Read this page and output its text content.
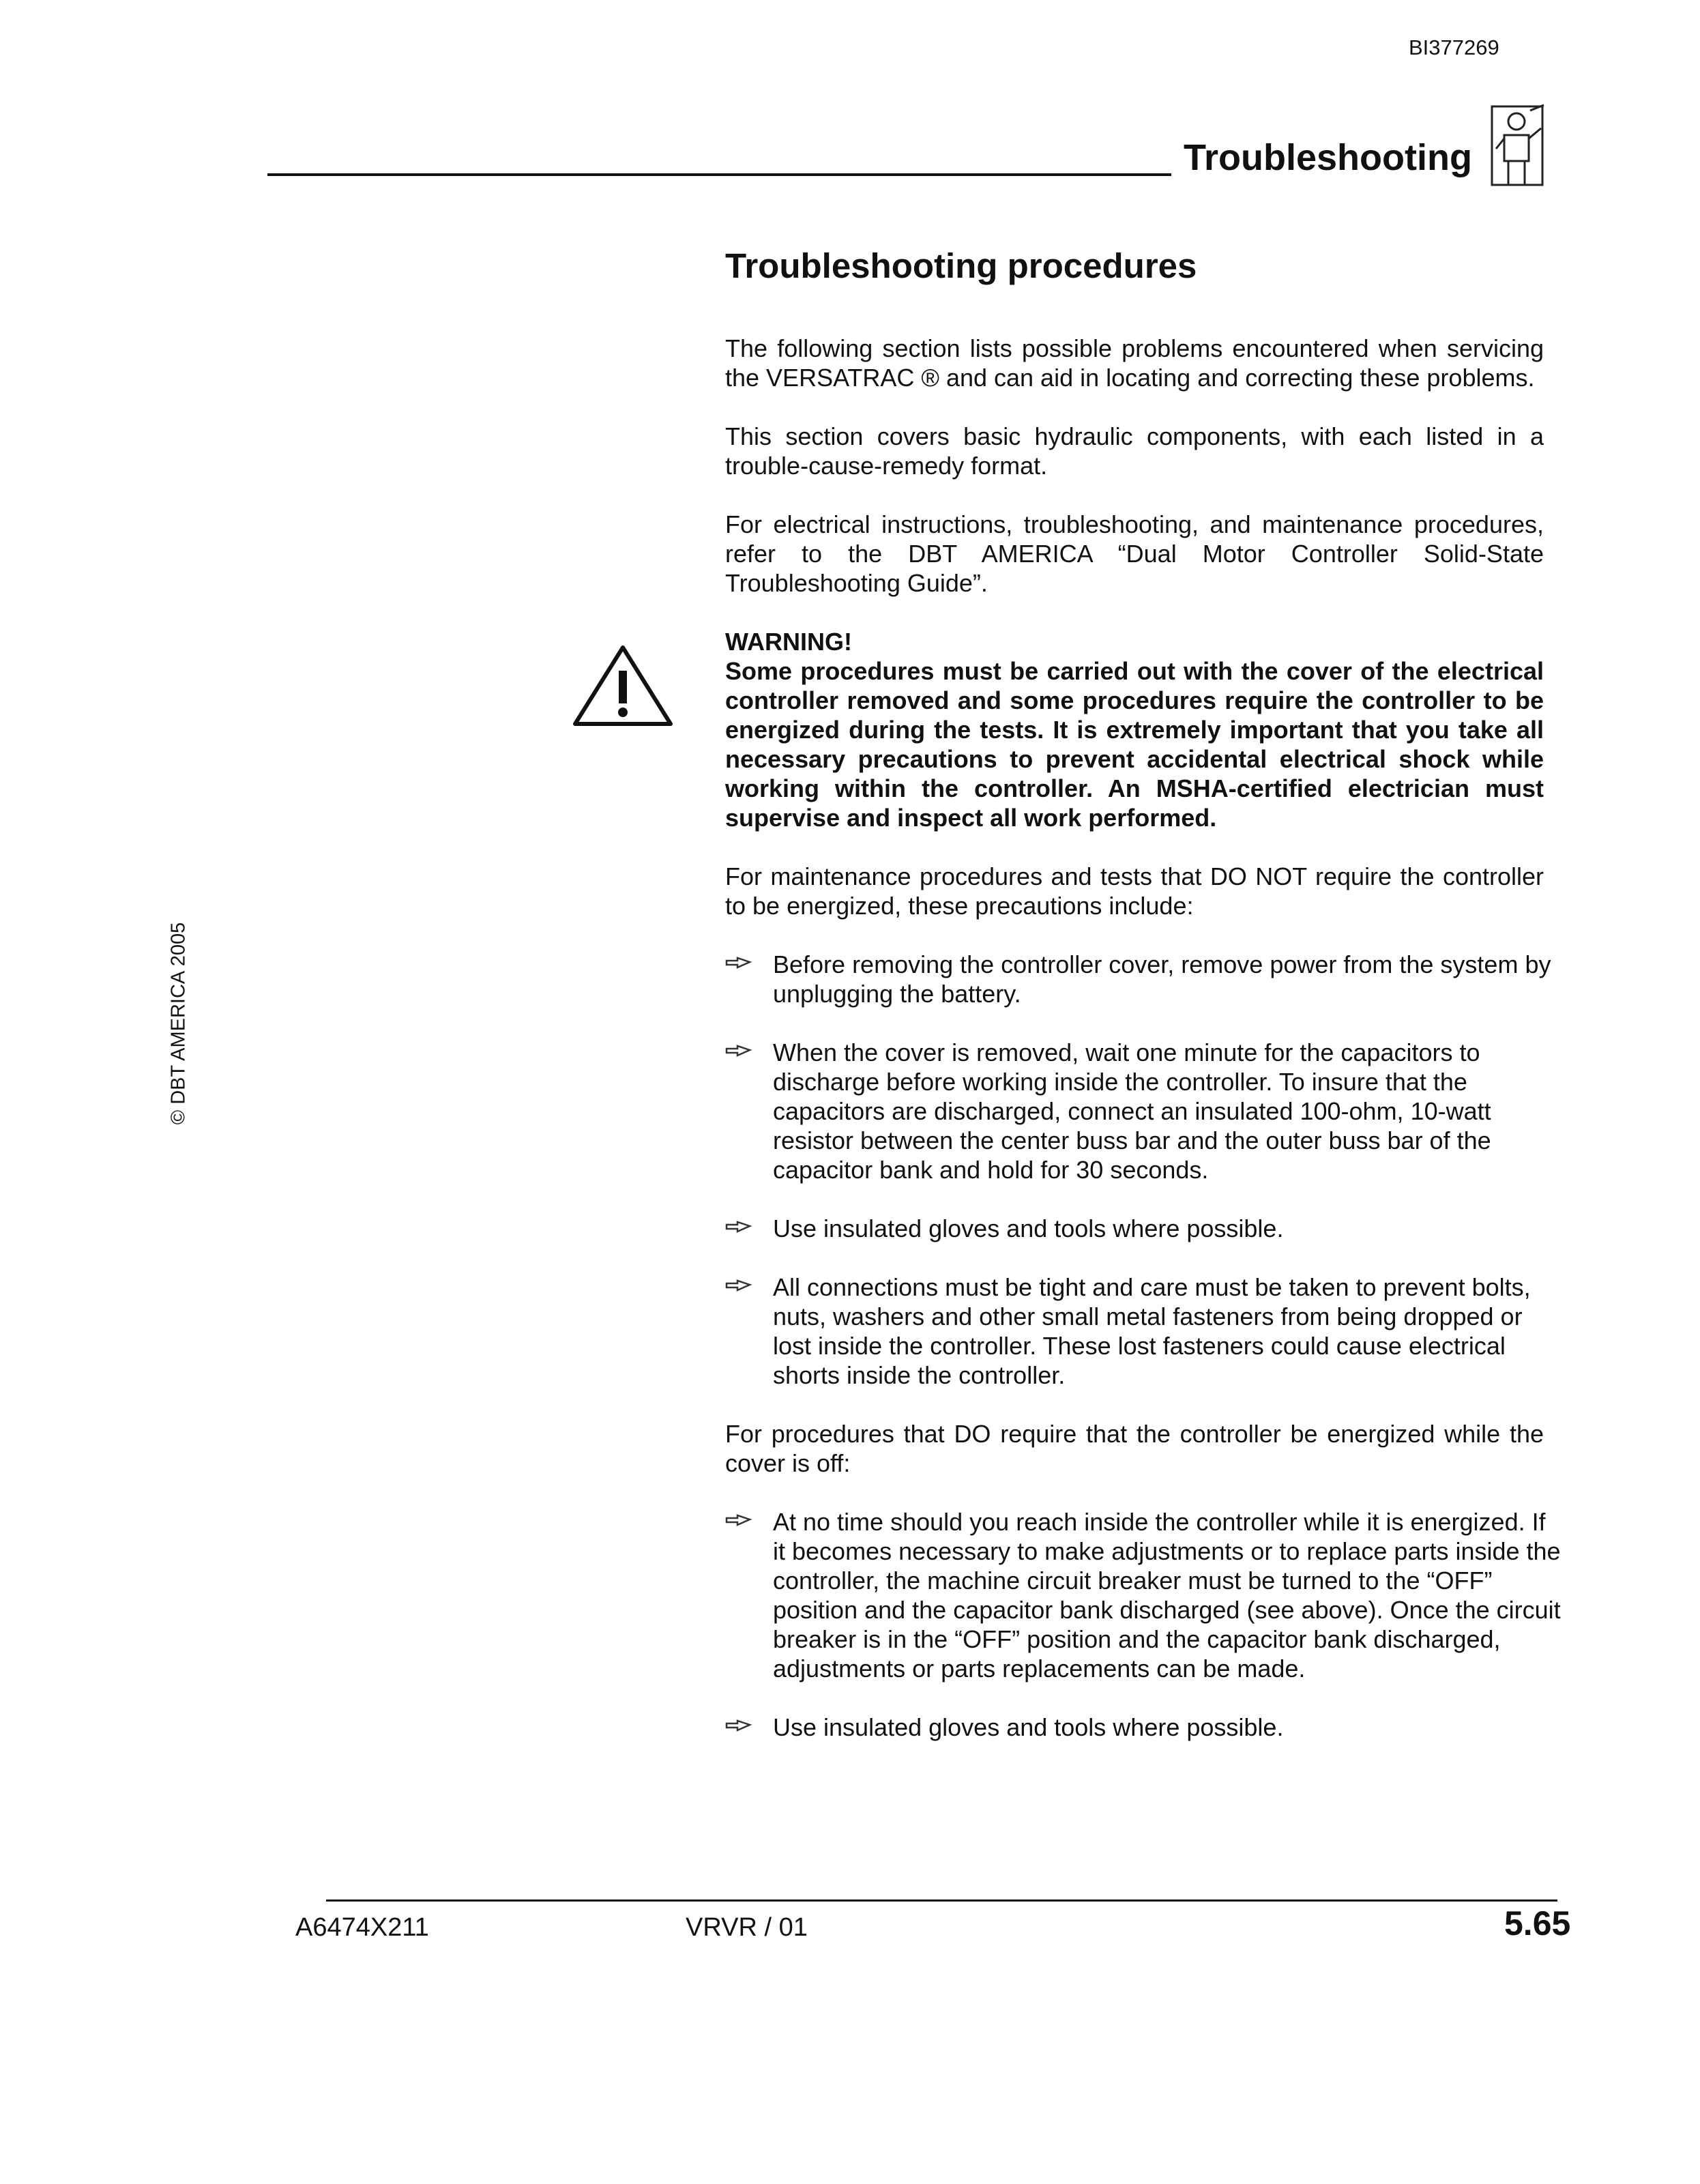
BI377269
Troubleshooting
© DBT AMERICA 2005
Troubleshooting procedures

The following section lists possible problems encountered when servicing the VERSATRAC ® and can aid in locating and correcting these problems.

This section covers basic hydraulic components, with each listed in a trouble-cause-remedy format.

For electrical instructions, troubleshooting, and maintenance procedures, refer to the DBT AMERICA “Dual Motor Controller Solid-State Troubleshooting Guide”.

WARNING!
Some procedures must be carried out with the cover of the electrical controller removed and some procedures require the controller to be energized during the tests. It is extremely important that you take all necessary precautions to prevent accidental electrical shock while working within the controller. An MSHA-certified electrician must supervise and inspect all work performed.

For maintenance procedures and tests that DO NOT require the controller to be energized, these precautions include:

Before removing the controller cover, remove power from the system by unplugging the battery.
When the cover is removed, wait one minute for the capacitors to discharge before working inside the controller. To insure that the capacitors are discharged, connect an insulated 100-ohm, 10-watt resistor between the center buss bar and the outer buss bar of the capacitor bank and hold for 30 seconds.
Use insulated gloves and tools where possible.
All connections must be tight and care must be taken to prevent bolts, nuts, washers and other small metal fasteners from being dropped or lost inside the controller. These lost fasteners could cause electrical shorts inside the controller.

For procedures that DO require that the controller be energized while the cover is off:

At no time should you reach inside the controller while it is energized. If it becomes necessary to make adjustments or to replace parts inside the controller, the machine circuit breaker must be turned to the “OFF” position and the capacitor bank discharged (see above). Once the circuit breaker is in the “OFF” position and the capacitor bank discharged, adjustments or parts replacements can be made.
Use insulated gloves and tools where possible.
A6474X211	VRVR / 01	5.65
